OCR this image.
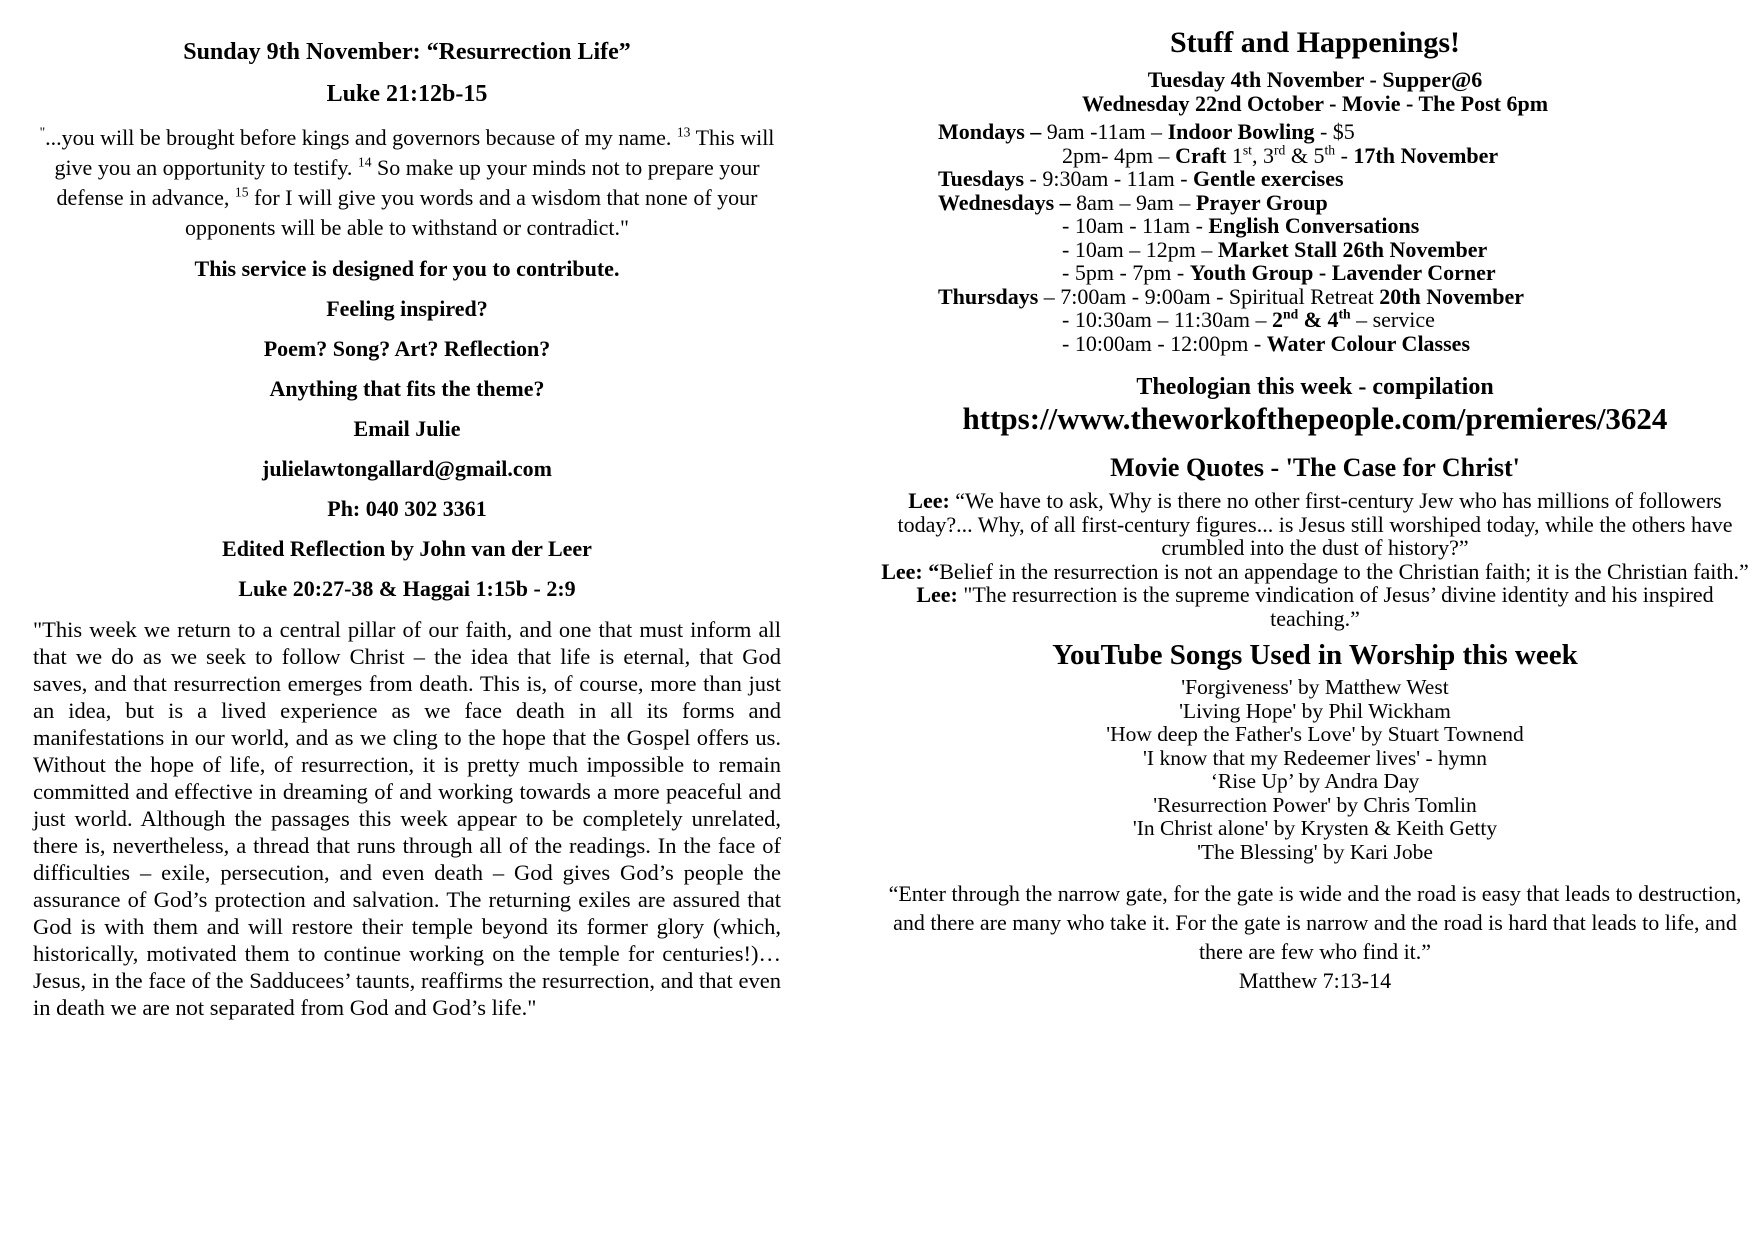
Sunday 9th November: “Resurrection Life”
Luke 21:12b-15
"...you will be brought before kings and governors because of my name. $^{13}$ This will give you an opportunity to testify. $^{14}$ So make up your minds not to prepare your defense in advance, $^{15}$ for I will give you words and a wisdom that none of your opponents will be able to withstand or contradict."
This service is designed for you to contribute.
Feeling inspired?
Poem? Song? Art? Reflection?
Anything that fits the theme?
Email Julie
julielawtongallard@gmail.com
Ph: 040 302 3361
Edited Reflection by John van der Leer
Luke 20:27-38 & Haggai 1:15b - 2:9
"This week we return to a central pillar of our faith, and one that must inform all that we do as we seek to follow Christ – the idea that life is eternal, that God saves, and that resurrection emerges from death. This is, of course, more than just an idea, but is a lived experience as we face death in all its forms and manifestations in our world, and as we cling to the hope that the Gospel offers us. Without the hope of life, of resurrection, it is pretty much impossible to remain committed and effective in dreaming of and working towards a more peaceful and just world. Although the passages this week appear to be completely unrelated, there is, nevertheless, a thread that runs through all of the readings. In the face of difficulties – exile, persecution, and even death – God gives God’s people the assurance of God’s protection and salvation. The returning exiles are assured that God is with them and will restore their temple beyond its former glory (which, historically, motivated them to continue working on the temple for centuries!)…Jesus, in the face of the Sadducees’ taunts, reaffirms the resurrection, and that even in death we are not separated from God and God’s life."
Stuff and Happenings!
Tuesday 4th November - Supper@6
Wednesday 22nd October - Movie - The Post 6pm
Mondays – 9am -11am – Indoor Bowling - $5
2pm- 4pm – Craft 1st, 3rd & 5th - 17th November
Tuesdays - 9:30am - 11am - Gentle exercises
Wednesdays – 8am – 9am – Prayer Group
- 10am - 11am - English Conversations
- 10am – 12pm – Market Stall 26th November
- 5pm - 7pm - Youth Group - Lavender Corner
Thursdays – 7:00am - 9:00am - Spiritual Retreat 20th November
- 10:30am – 11:30am – 2nd & 4th – service
- 10:00am - 12:00pm - Water Colour Classes
Theologian this week - compilation
https://www.theworkofthepeople.com/premieres/3624
Movie Quotes - 'The Case for Christ'
Lee: “We have to ask, Why is there no other first-century Jew who has millions of followers today?... Why, of all first-century figures... is Jesus still worshiped today, while the others have crumbled into the dust of history?”
Lee: “Belief in the resurrection is not an appendage to the Christian faith; it is the Christian faith.”
Lee: "The resurrection is the supreme vindication of Jesus’ divine identity and his inspired teaching.”
YouTube Songs Used in Worship this week
'Forgiveness' by Matthew West
'Living Hope' by Phil Wickham
'How deep the Father's Love' by Stuart Townend
'I know that my Redeemer lives' - hymn
‘Rise Up’ by Andra Day
'Resurrection Power' by Chris Tomlin
'In Christ alone' by Krysten & Keith Getty
'The Blessing' by Kari Jobe
“Enter through the narrow gate, for the gate is wide and the road is easy that leads to destruction, and there are many who take it. For the gate is narrow and the road is hard that leads to life, and there are few who find it.”
Matthew 7:13-14
